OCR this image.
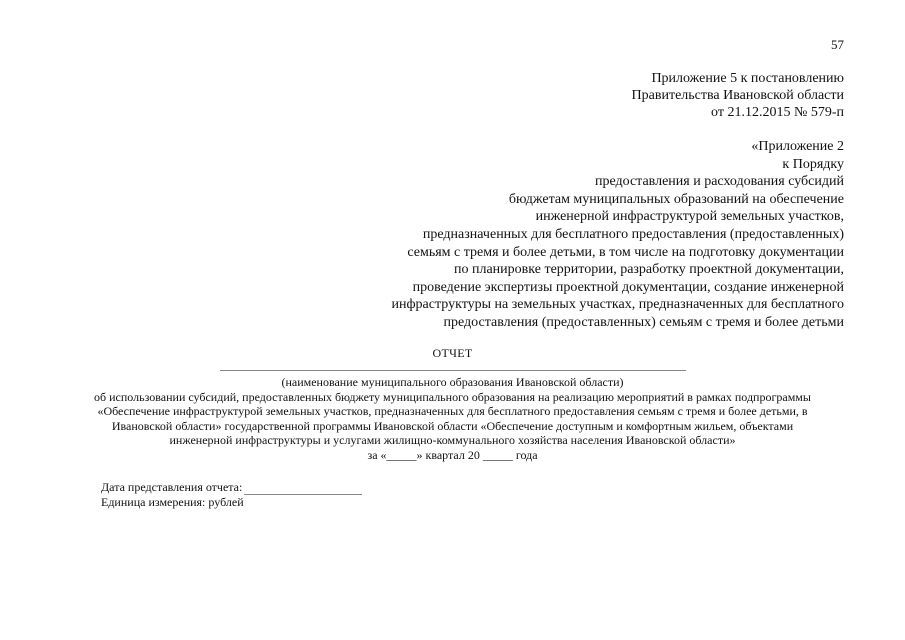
57
Приложение 5 к постановлению
Правительства Ивановской области
от 21.12.2015 № 579-п
«Приложение 2
к Порядку
предоставления и расходования субсидий
бюджетам муниципальных образований на обеспечение
инженерной инфраструктурой земельных участков,
предназначенных для бесплатного предоставления (предоставленных)
семьям с тремя и более детьми, в том числе на подготовку документации
по планировке территории, разработку проектной документации,
проведение экспертизы проектной документации, создание инженерной
инфраструктуры на земельных участках, предназначенных для бесплатного
предоставления (предоставленных) семьям с тремя и более детьми
ОТЧЕТ
(наименование муниципального образования Ивановской области)
об использовании субсидий, предоставленных бюджету муниципального образования на реализацию мероприятий в рамках подпрограммы
«Обеспечение инфраструктурой земельных участков, предназначенных для бесплатного предоставления семьям с тремя и более детьми, в
Ивановской области» государственной программы Ивановской области «Обеспечение доступным и комфортным жильем, объектами
инженерной инфраструктуры и услугами жилищно-коммунального хозяйства населения Ивановской области»
за «_____» квартал 20 _____ года
Дата представления отчета:
Единица измерения: рублей
